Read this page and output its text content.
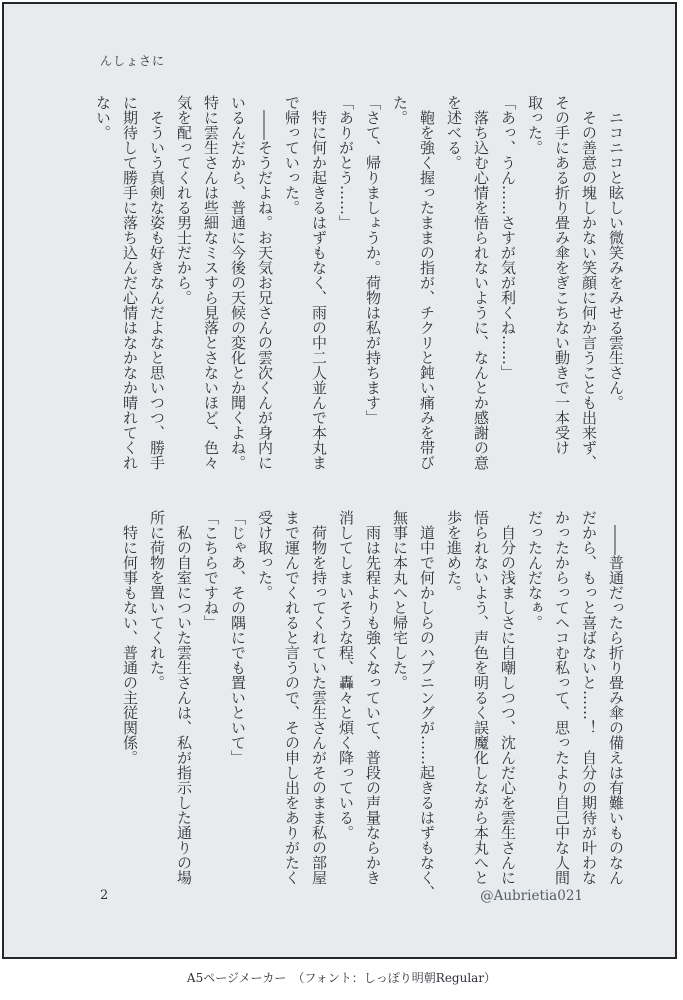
んしょさに
　ニコニコと眩しい微笑みをみせる雲生さん。
　その善意の塊しかない笑顔に何か言うことも出来ず、
その手にある折り畳み傘をぎこちない動きで一本受け
取った。
「あっ、うん……さすが気が利くね……」
　落ち込む心情を悟られないように、なんとか感謝の意
を述べる。
　鞄を強く握ったままの指が、チクリと鈍い痛みを帯び
た。
「さて、帰りましょうか。荷物は私が持ちます」
「ありがとう……」
　特に何か起きるはずもなく、雨の中二人並んで本丸ま
で帰っていった。
　――そうだよね。お天気お兄さんの雲次くんが身内に
いるんだから、普通に今後の天候の変化とか聞くよね。
特に雲生さんは些細なミスすら見落とさないほど、色々
気を配ってくれる男士だから。
　そういう真剣な姿も好きなんだよなと思いつつ、勝手
に期待して勝手に落ち込んだ心情はなかなか晴れてくれ
ない。
　――普通だったら折り畳み傘の備えは有難いものなん
だから、もっと喜ばないと……！　自分の期待が叶わな
かったからってヘコむ私って、思ったより自己中な人間
だったんだなぁ。
　自分の浅ましさに自嘲しつつ、沈んだ心を雲生さんに
悟られないよう、声色を明るく誤魔化しながら本丸へと
歩を進めた。
　道中で何かしらのハプニングが……起きるはずもなく、
無事に本丸へと帰宅した。
　雨は先程よりも強くなっていて、普段の声量ならかき
消してしまいそうな程、轟々と煩く降っている。
　荷物を持ってくれていた雲生さんがそのまま私の部屋
まで運んでくれると言うので、その申し出をありがたく
受け取った。
「じゃあ、その隅にでも置いといて」
「こちらですね」
　私の自室についた雲生さんは、私が指示した通りの場
所に荷物を置いてくれた。
　特に何事もない、普通の主従関係。
2	@Aubrietia021
A5ページメーカー　（フォント：しっぽり明朝Regular）
